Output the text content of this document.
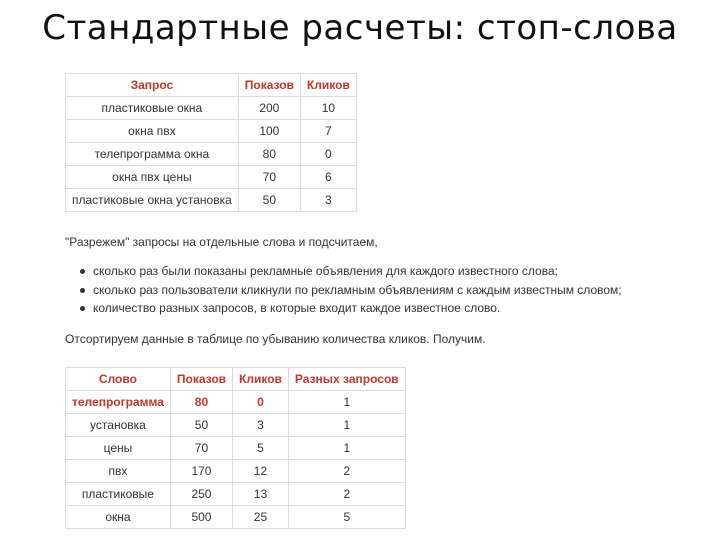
Стандартные расчеты: стоп-слова
Запрос	Показов	Кликов
пластиковые окна	200	10
окна пвх	100	7
телепрограмма окна	80	0
окна пвх цены	70	6
пластиковые окна установка	50	3
"Разрежем" запросы на отдельные слова и подсчитаем,
сколько раз были показаны рекламные объявления для каждого известного слова;
сколько раз пользователи кликнули по рекламным объявлениям с каждым известным словом;
количество разных запросов, в которые входит каждое известное слово.
Отсортируем данные в таблице по убыванию количества кликов. Получим.
Слово	Показов	Кликов	Разных запросов
телепрограмма	80	0	1
установка	50	3	1
цены	70	5	1
пвх	170	12	2
пластиковые	250	13	2
окна	500	25	5
